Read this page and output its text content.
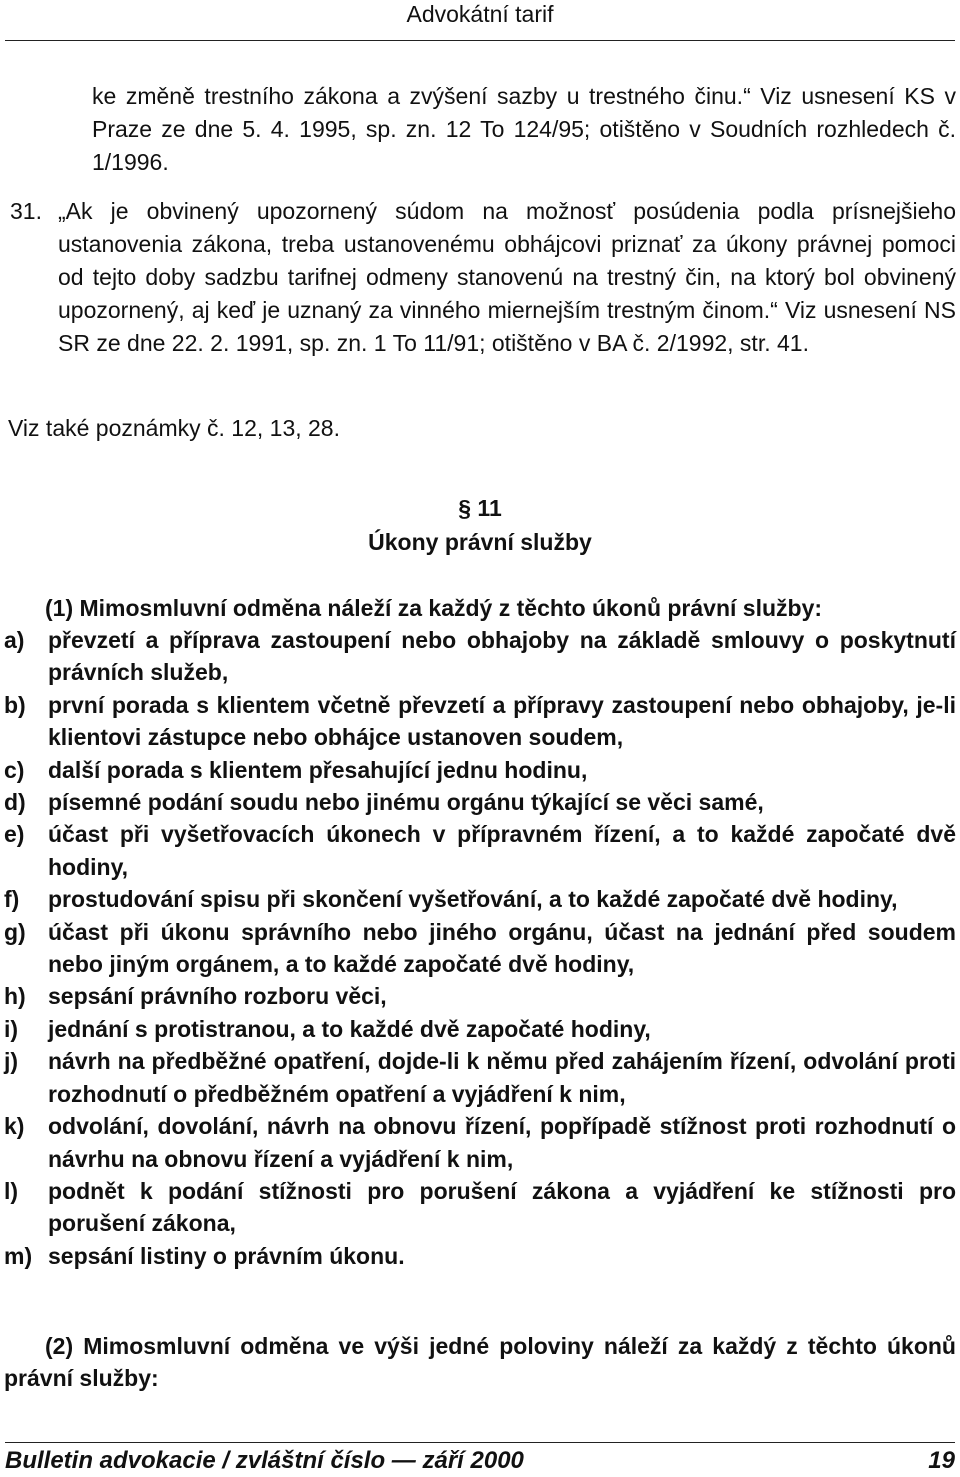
Advokátní tarif
ke změně trestního zákona a zvýšení sazby u trestného činu.“ Viz usnesení KS v Praze ze dne 5. 4. 1995, sp. zn. 12 To 124/95; otištěno v Soudních rozhledech č. 1/1996.
31. „Ak je obvinený upozornený súdom na možnosť posúdenia podla prísnejšieho ustanovenia zákona, treba ustanovenému obhájcovi priznať za úkony právnej pomoci od tejto doby sadzbu tarifnej odmeny stanovenú na trestný čin, na ktorý bol obvinený upozornený, aj keď je uznaný za vinného miernejším trestným činom.“ Viz usnesení NS SR ze dne 22. 2. 1991, sp. zn. 1 To 11/91; otištěno v BA č. 2/1992, str. 41.
Viz také poznámky č. 12, 13, 28.
§ 11
Úkony právní služby
(1) Mimosmluvní odměna náleží za každý z těchto úkonů právní služby:
a) převzetí a příprava zastoupení nebo obhajoby na základě smlouvy o poskytnutí právních služeb,
b) první porada s klientem včetně převzetí a přípravy zastoupení nebo obhajoby, je-li klientovi zástupce nebo obhájce ustanoven soudem,
c) další porada s klientem přesahující jednu hodinu,
d) písemné podání soudu nebo jinému orgánu týkající se věci samé,
e) účast při vyšetřovacích úkonech v přípravném řízení, a to každé započaté dvě hodiny,
f) prostudování spisu při skončení vyšetřování, a to každé započaté dvě hodiny,
g) účast při úkonu správního nebo jiného orgánu, účast na jednání před soudem nebo jiným orgánem, a to každé započaté dvě hodiny,
h) sepsání právního rozboru věci,
i) jednání s protistranou, a to každé dvě započaté hodiny,
j) návrh na předběžné opatření, dojde-li k němu před zahájením řízení, odvolání proti rozhodnutí o předběžném opatření a vyjádření k nim,
k) odvolání, dovolání, návrh na obnovu řízení, popřípadě stížnost proti rozhodnutí o návrhu na obnovu řízení a vyjádření k nim,
l) podnět k podání stížnosti pro porušení zákona a vyjádření ke stížnosti pro porušení zákona,
m) sepsání listiny o právním úkonu.
(2) Mimosmluvní odměna ve výši jedné poloviny náleží za každý z těchto úkonů právní služby:
Bulletin advokacie / zvláštní číslo — září 2000	19
